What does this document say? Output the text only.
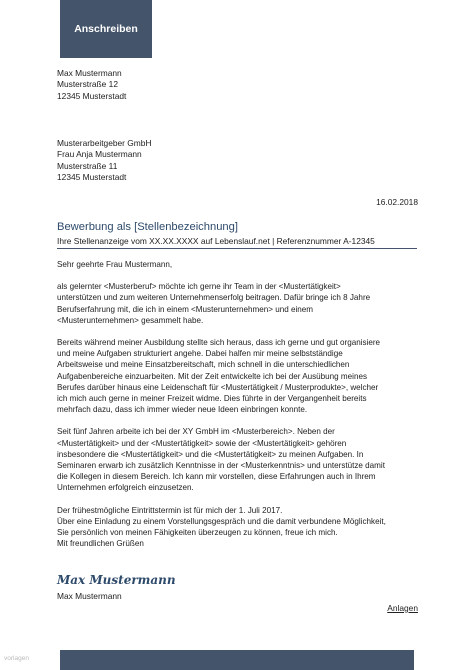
Anschreiben
Max Mustermann
Musterstraße 12
12345 Musterstadt
Musterarbeitgeber GmbH
Frau Anja Mustermann
Musterstraße 11
12345 Musterstadt
16.02.2018
Bewerbung als [Stellenbezeichnung]
Ihre Stellenanzeige vom XX.XX.XXXX auf Lebenslauf.net | Referenznummer A-12345

Sehr geehrte Frau Mustermann,

als gelernter <Musterberuf> möchte ich gerne ihr Team in der <Mustertätigkeit>
unterstützen und zum weiteren Unternehmenserfolg beitragen. Dafür bringe ich 8 Jahre
Berufserfahrung mit, die ich in einem <Musterunternehmen> und einem
<Musterunternehmen> gesammelt habe.

Bereits während meiner Ausbildung stellte sich heraus, dass ich gerne und gut organisiere
und meine Aufgaben strukturiert angehe. Dabei halfen mir meine selbstständige
Arbeitsweise und meine Einsatzbereitschaft, mich schnell in die unterschiedlichen
Aufgabenbereiche einzuarbeiten. Mit der Zeit entwickelte ich bei der Ausübung meines
Berufes darüber hinaus eine Leidenschaft für <Mustertätigkeit / Musterprodukte>, welcher
ich mich auch gerne in meiner Freizeit widme. Dies führte in der Vergangenheit bereits
mehrfach dazu, dass ich immer wieder neue Ideen einbringen konnte.

Seit fünf Jahren arbeite ich bei der XY GmbH im <Musterbereich>. Neben der
<Mustertätigkeit> und der <Mustertätigkeit> sowie der <Mustertätigkeit> gehören
insbesondere die <Mustertätigkeit> und die <Mustertätigkeit> zu meinen Aufgaben. In
Seminaren erwarb ich zusätzlich Kenntnisse in der <Musterkenntnis> und unterstütze damit
die Kollegen in diesem Bereich. Ich kann mir vorstellen, diese Erfahrungen auch in Ihrem
Unternehmen erfolgreich einzusetzen.

Der frühestmögliche Eintrittstermin ist für mich der 1. Juli 2017.
Über eine Einladung zu einem Vorstellungsgespräch und die damit verbundene Möglichkeit,
Sie persönlich von meinen Fähigkeiten überzeugen zu können, freue ich mich.
Mit freundlichen Grüßen

Max Mustermann
Max Mustermann
Anlagen
vorlagen
